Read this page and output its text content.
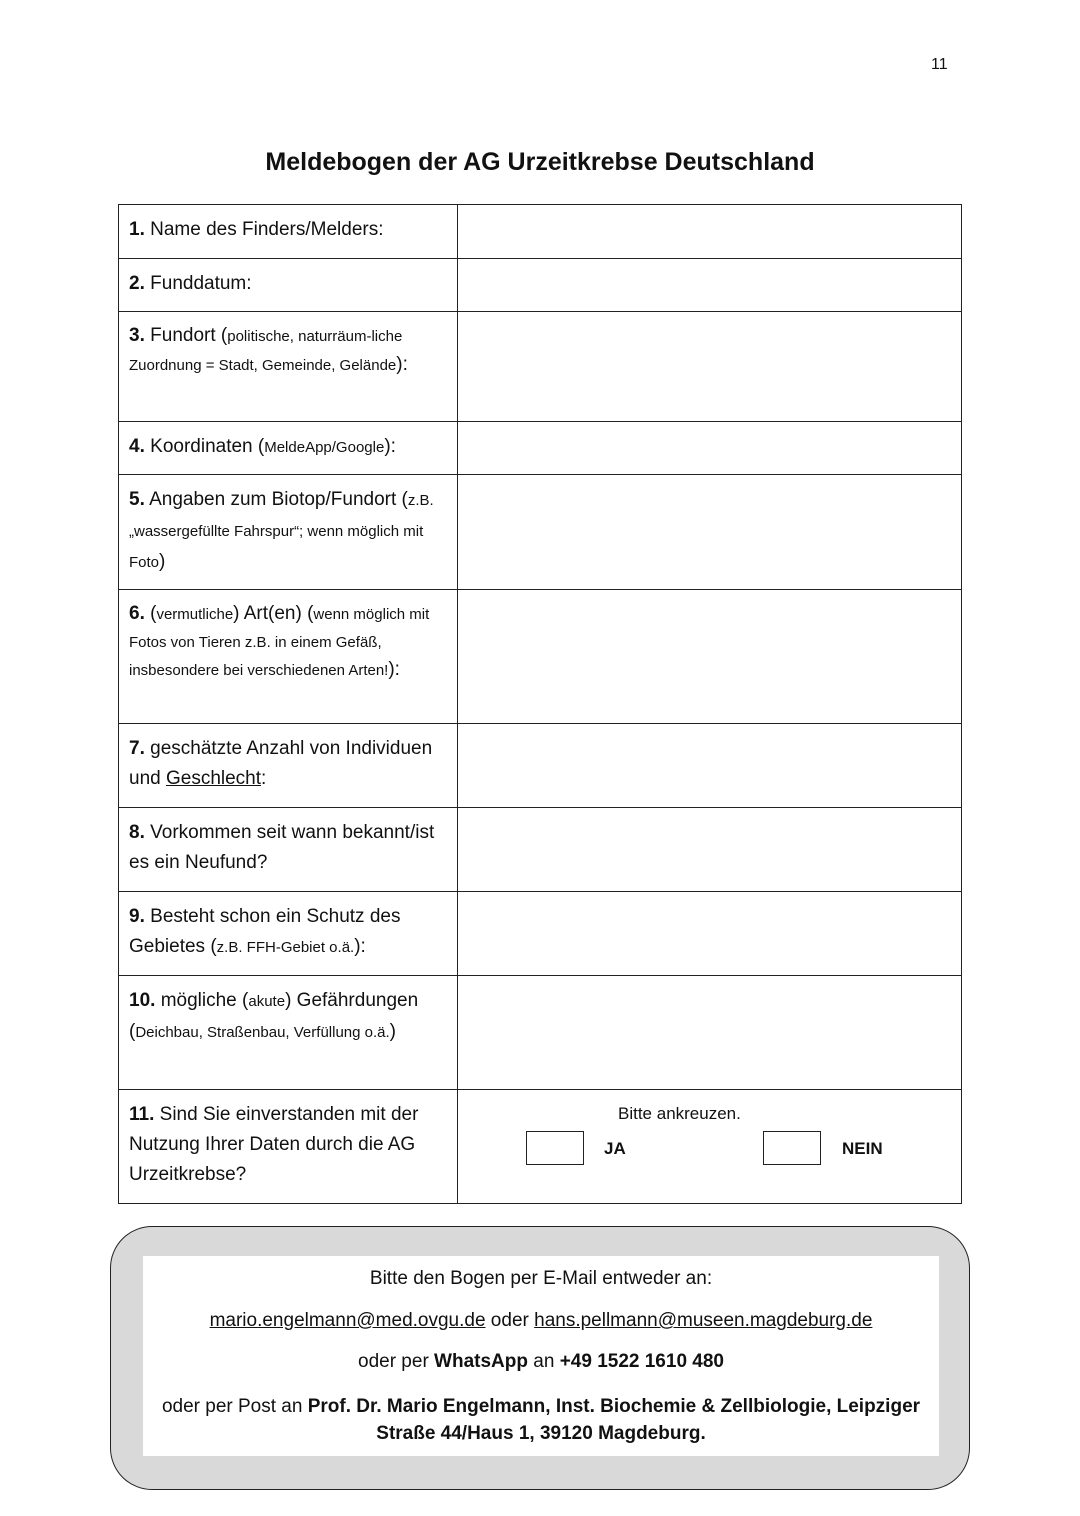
11
Meldebogen der AG Urzeitkrebse Deutschland
1. Name des Finders/Melders:	
2. Funddatum:	
3. Fundort (politische, naturräum-liche Zuordnung = Stadt, Gemeinde, Gelände):	
4. Koordinaten (MeldeApp/Google):	
5. Angaben zum Biotop/Fundort (z.B. „wassergefüllte Fahrspur“; wenn möglich mit Foto)	
6. (vermutliche) Art(en) (wenn möglich mit Fotos von Tieren z.B. in einem Gefäß, insbesondere bei verschiedenen Arten!):	
7. geschätzte Anzahl von Individuen und Geschlecht:	
8. Vorkommen seit wann bekannt/ist es ein Neufund?	
9. Besteht schon ein Schutz des Gebietes (z.B. FFH-Gebiet o.ä.):	
10. mögliche (akute) Gefährdungen (Deichbau, Straßenbau, Verfüllung o.ä.)	
11. Sind Sie einverstanden mit der Nutzung Ihrer Daten durch die AG Urzeitkrebse?	Bitte ankreuzen.
JA NEIN
Bitte den Bogen per E-Mail entweder an:
mario.engelmann@med.ovgu.de oder hans.pellmann@museen.magdeburg.de
oder per WhatsApp an +49 1522 1610 480
oder per Post an Prof. Dr. Mario Engelmann, Inst. Biochemie & Zellbiologie, Leipziger Straße 44/Haus 1, 39120 Magdeburg.
